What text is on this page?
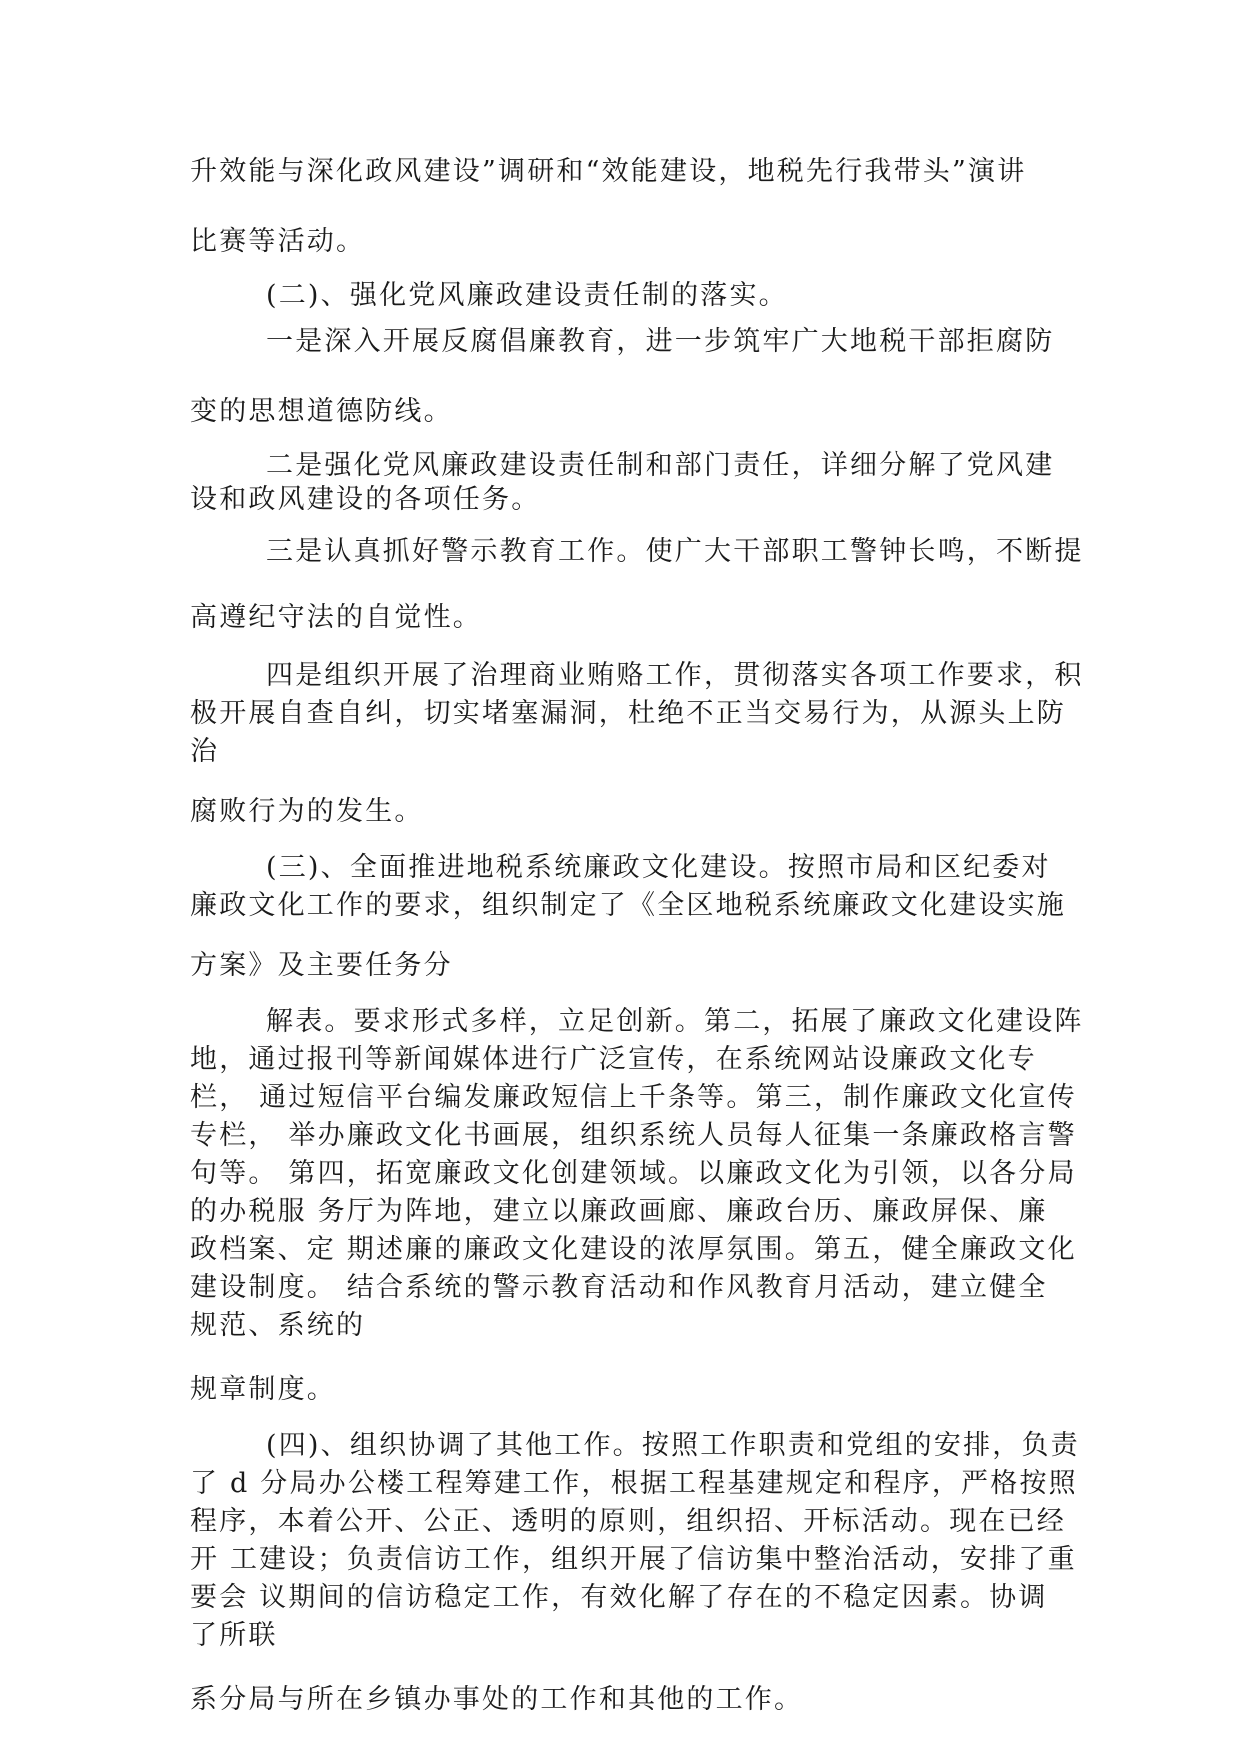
升效能与深化政风建设”调研和“效能建设，地税先行我带头”演讲

比赛等活动。

(二)、强化党风廉政建设责任制的落实。

一是深入开展反腐倡廉教育，进一步筑牢广大地税干部拒腐防

变的思想道德防线。

二是强化党风廉政建设责任制和部门责任，详细分解了党风建

设和政风建设的各项任务。

三是认真抓好警示教育工作。使广大干部职工警钟长鸣，不断提

高遵纪守法的自觉性。

四是组织开展了治理商业贿赂工作，贯彻落实各项工作要求，积

极开展自查自纠，切实堵塞漏洞，杜绝不正当交易行为，从源头上防

治

腐败行为的发生。

(三)、全面推进地税系统廉政文化建设。按照市局和区纪委对

廉政文化工作的要求，组织制定了《全区地税系统廉政文化建设实施

方案》及主要任务分

解表。要求形式多样，立足创新。第二，拓展了廉政文化建设阵

地，通过报刊等新闻媒体进行广泛宣传，在系统网站设廉政文化专

栏， 通过短信平台编发廉政短信上千条等。第三，制作廉政文化宣传

专栏， 举办廉政文化书画展，组织系统人员每人征集一条廉政格言警

句等。 第四，拓宽廉政文化创建领域。以廉政文化为引领，以各分局

的办税服 务厅为阵地，建立以廉政画廊、廉政台历、廉政屏保、廉

政档案、定 期述廉的廉政文化建设的浓厚氛围。第五，健全廉政文化

建设制度。 结合系统的警示教育活动和作风教育月活动，建立健全

规范、系统的

规章制度。

(四)、组织协调了其他工作。按照工作职责和党组的安排，负责

了 d 分局办公楼工程筹建工作，根据工程基建规定和程序，严格按照

程序，本着公开、公正、透明的原则，组织招、开标活动。现在已经

开 工建设；负责信访工作，组织开展了信访集中整治活动，安排了重

要会 议期间的信访稳定工作，有效化解了存在的不稳定因素。协调

了所联

系分局与所在乡镇办事处的工作和其他的工作。
